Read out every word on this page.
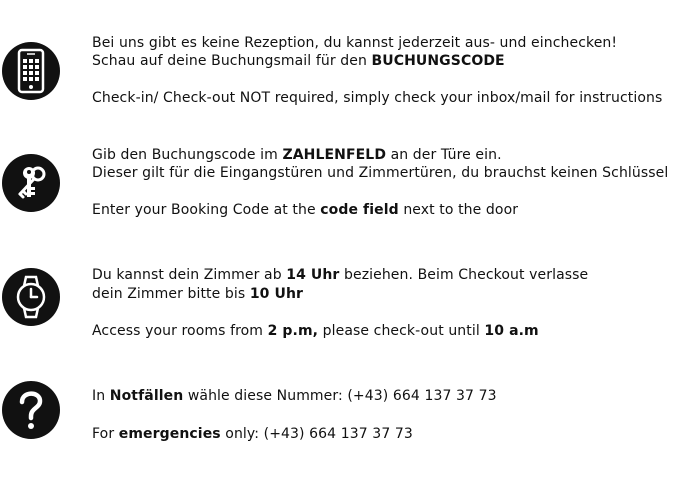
Bei uns gibt es keine Rezeption, du kannst jederzeit aus- und einchecken!
Schau auf deine Buchungsmail für den BUCHUNGSCODE
Check-in/ Check-out NOT required, simply check your inbox/mail for instructions
Gib den Buchungscode im ZAHLENFELD an der Türe ein.
Dieser gilt für die Eingangstüren und Zimmertüren, du brauchst keinen Schlüssel
Enter your Booking Code at the code field next to the door
Du kannst dein Zimmer ab 14 Uhr beziehen. Beim Checkout verlasse
dein Zimmer bitte bis 10 Uhr
Access your rooms from 2 p.m, please check-out until 10 a.m
In Notfällen wähle diese Nummer: (+43) 664 137 37 73
For emergencies only: (+43) 664 137 37 73
